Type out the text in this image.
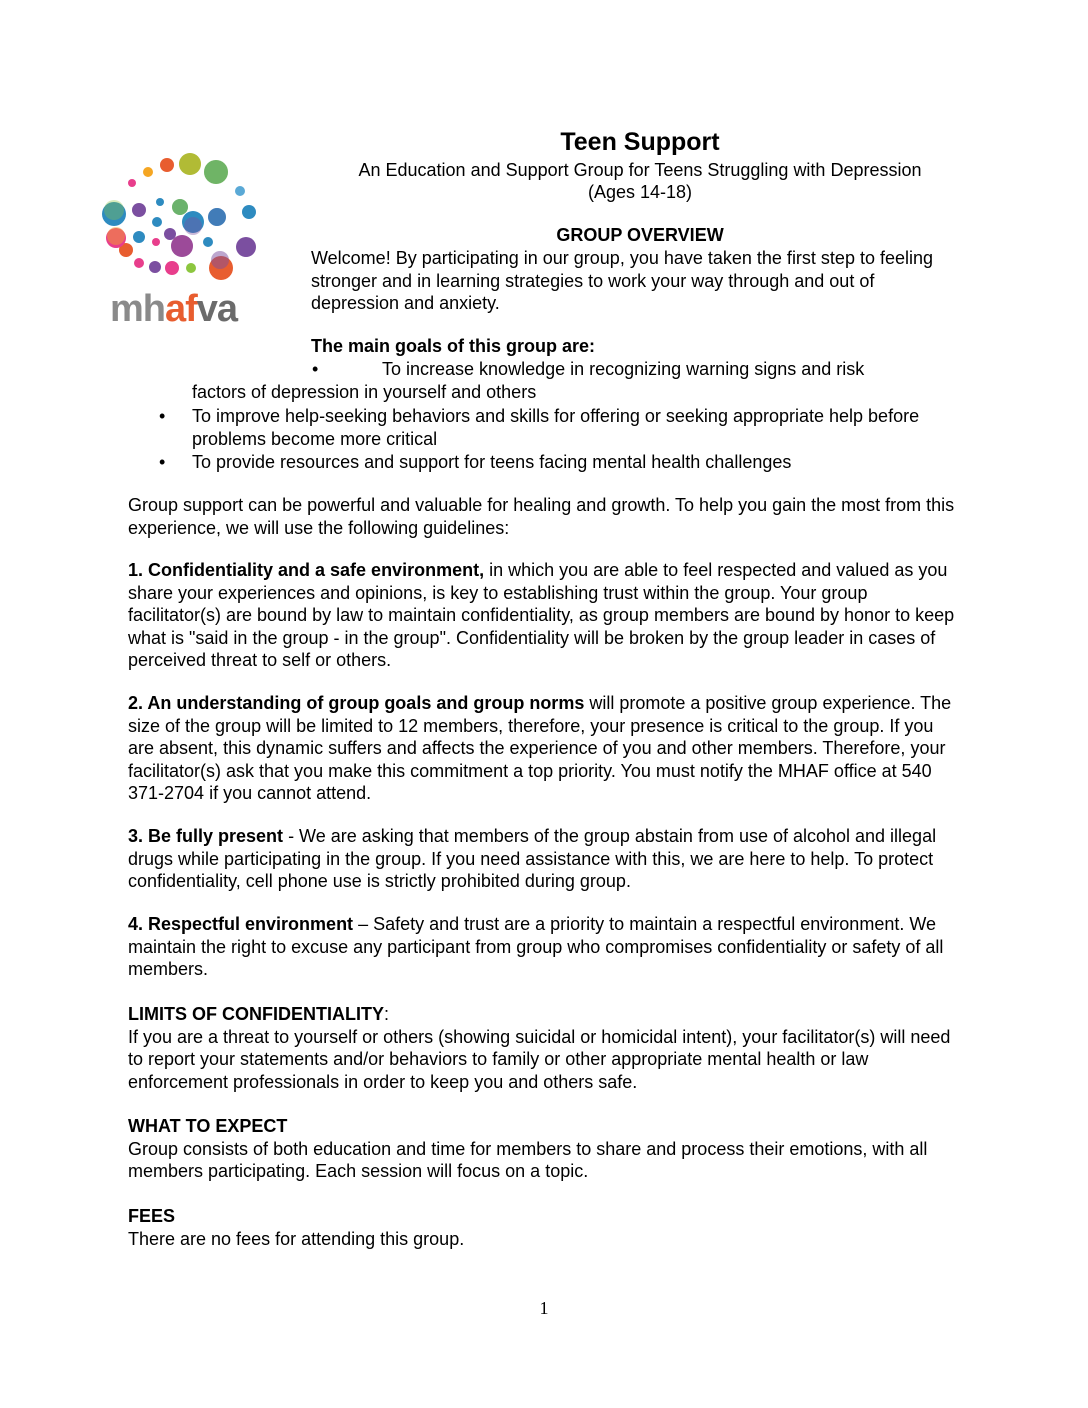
mhafva
Teen Support
An Education and Support Group for Teens Struggling with Depression
(Ages 14-18)
GROUP OVERVIEW

Welcome! By participating in our group, you have taken the first step to feeling stronger and in learning strategies to work your way through and out of depression and anxiety.

The main goals of this group are:

•	To increase knowledge in recognizing warning signs and risk
factors of depression in yourself and others
• To improve help-seeking behaviors and skills for offering or seeking appropriate help before problems become more critical
• To provide resources and support for teens facing mental health challenges

Group support can be powerful and valuable for healing and growth. To help you gain the most from this experience, we will use the following guidelines:

1. Confidentiality and a safe environment, in which you are able to feel respected and valued as you share your experiences and opinions, is key to establishing trust within the group. Your group facilitator(s) are bound by law to maintain confidentiality, as group members are bound by honor to keep what is "said in the group - in the group". Confidentiality will be broken by the group leader in cases of perceived threat to self or others.

2. An understanding of group goals and group norms will promote a positive group experience. The size of the group will be limited to 12 members, therefore, your presence is critical to the group. If you are absent, this dynamic suffers and affects the experience of you and other members. Therefore, your facilitator(s) ask that you make this commitment a top priority. You must notify the MHAF office at 540 371-2704 if you cannot attend.

3. Be fully present - We are asking that members of the group abstain from use of alcohol and illegal drugs while participating in the group. If you need assistance with this, we are here to help. To protect confidentiality, cell phone use is strictly prohibited during group.

4. Respectful environment – Safety and trust are a priority to maintain a respectful environment. We maintain the right to excuse any participant from group who compromises confidentiality or safety of all members.

LIMITS OF CONFIDENTIALITY:
If you are a threat to yourself or others (showing suicidal or homicidal intent), your facilitator(s) will need to report your statements and/or behaviors to family or other appropriate mental health or law enforcement professionals in order to keep you and others safe.
WHAT TO EXPECT
Group consists of both education and time for members to share and process their emotions, with all members participating. Each session will focus on a topic.
FEES
There are no fees for attending this group.
1
